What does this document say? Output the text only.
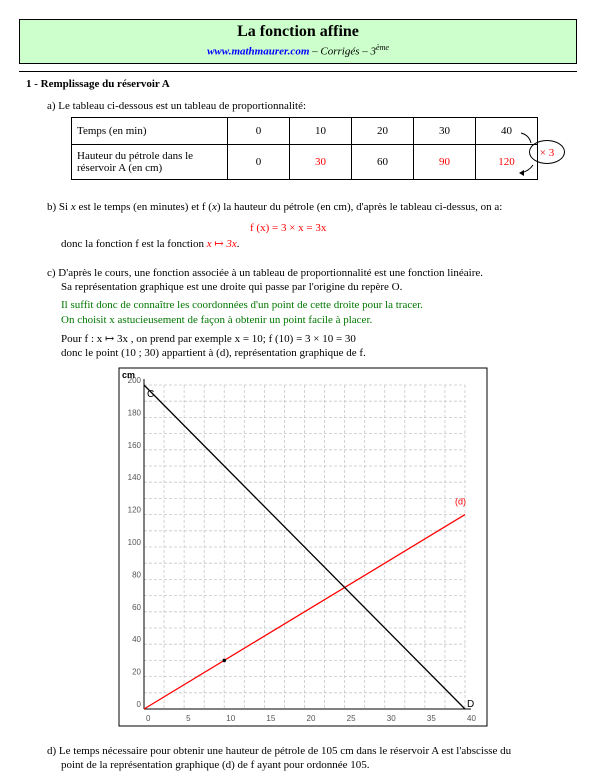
La fonction affine
www.mathmaurer.com – Corrigés – 3ème
1 - Remplissage du réservoir A
a) Le tableau ci-dessous est un tableau de proportionnalité:
Temps (en min)	0	10	20	30	40
Hauteur du pétrole dans le
réservoir A (en cm)	0	30	60	90	120
× 3
b) Si x est le temps (en minutes) et f (x) la hauteur du pétrole (en cm), d'après le tableau ci-dessus, on a:
f (x) = 3 × x = 3x
donc la fonction f est la fonction x ↦ 3x.
c) D'après le cours, une fonction associée à un tableau de proportionnalité est une fonction linéaire.
Sa représentation graphique est une droite qui passe par l'origine du repère O.
Il suffit donc de connaître les coordonnées d'un point de cette droite pour la tracer.
On choisit x astucieusement de façon à obtenir un point facile à placer.
Pour f : x ↦ 3x , on prend par exemple x = 10; f (10) = 3 × 10 = 30
donc le point (10 ; 30) appartient à (d), représentation graphique de f.
0	5	10	15	20	25	30	35	40
0
20
40
60
80
100
120
140
160
180
200
cm
C
D
(d)
d) Le temps nécessaire pour obtenir une hauteur de pétrole de 105 cm dans le réservoir A est l'abscisse du
point de la représentation graphique (d) de f ayant pour ordonnée 105.
